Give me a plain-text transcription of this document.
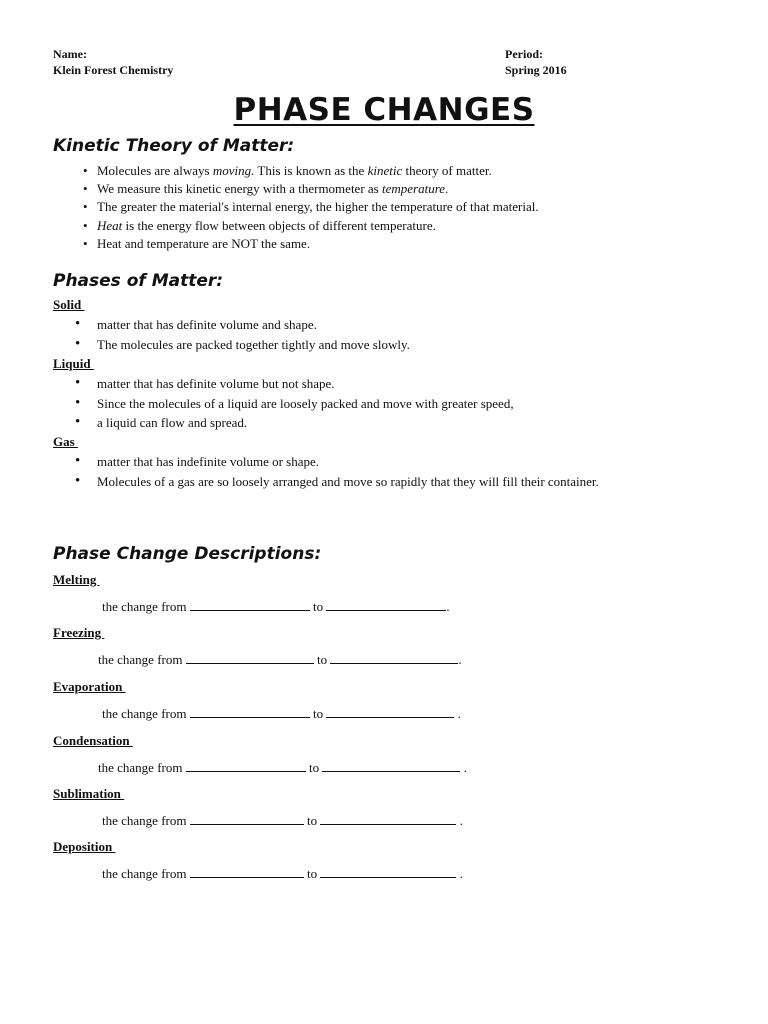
Name:
Klein Forest Chemistry
Period:
Spring 2016
PHASE CHANGES
Kinetic Theory of Matter:
• Molecules are always moving. This is known as the kinetic theory of matter.
• We measure this kinetic energy with a thermometer as temperature.
• The greater the material's internal energy, the higher the temperature of that material.
• Heat is the energy flow between objects of different temperature.
• Heat and temperature are NOT the same.
Phases of Matter:
Solid
• matter that has definite volume and shape.
• The molecules are packed together tightly and move slowly.
Liquid
• matter that has definite volume but not shape.
• Since the molecules of a liquid are loosely packed and move with greater speed,
• a liquid can flow and spread.
Gas
• matter that has indefinite volume or shape.
• Molecules of a gas are so loosely arranged and move so rapidly that they will fill their container.
Phase Change Descriptions:
Melting
the change from	to	.
Freezing
the change from	to	.
Evaporation
the change from	to	.
Condensation
the change from	to	.
Sublimation
the change from	to	.
Deposition
the change from	to	.
